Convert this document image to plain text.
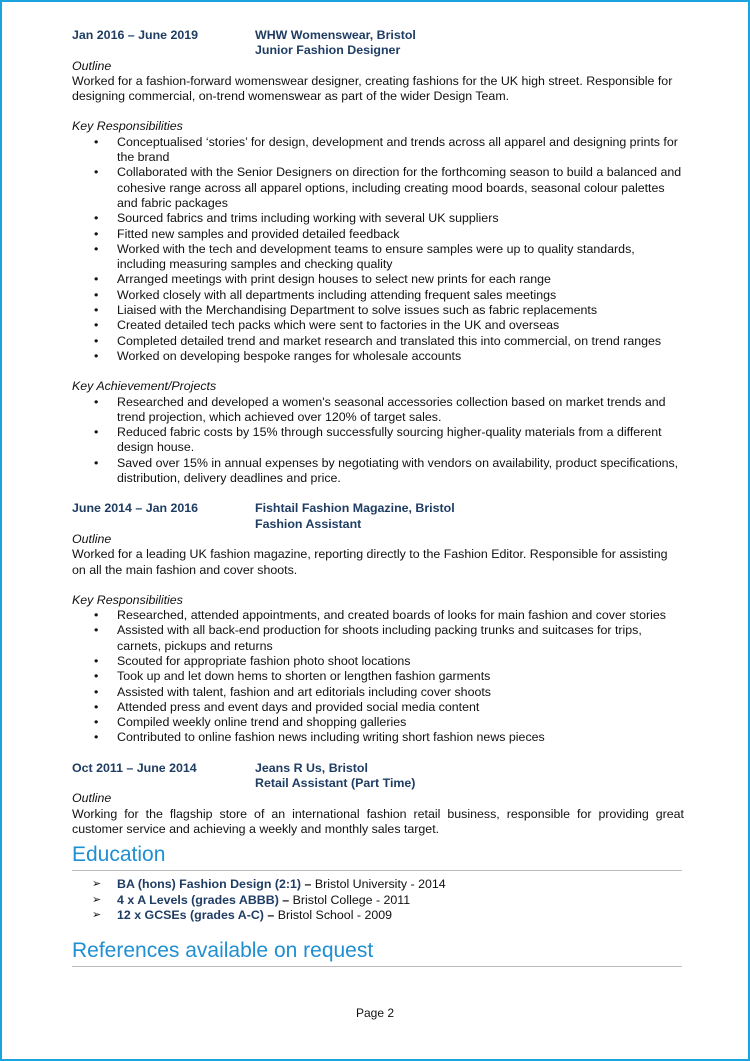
Jan 2016 – June 2019	WHW Womenswear, Bristol
Junior Fashion Designer
Outline

Worked for a fashion-forward womenswear designer, creating fashions for the UK high street. Responsible for designing commercial, on-trend womenswear as part of the wider Design Team.

Key Responsibilities
• Conceptualised ‘stories’ for design, development and trends across all apparel and designing prints for the brand
• Collaborated with the Senior Designers on direction for the forthcoming season to build a balanced and cohesive range across all apparel options, including creating mood boards, seasonal colour palettes and fabric packages
• Sourced fabrics and trims including working with several UK suppliers
• Fitted new samples and provided detailed feedback
• Worked with the tech and development teams to ensure samples were up to quality standards, including measuring samples and checking quality
• Arranged meetings with print design houses to select new prints for each range
• Worked closely with all departments including attending frequent sales meetings
• Liaised with the Merchandising Department to solve issues such as fabric replacements
• Created detailed tech packs which were sent to factories in the UK and overseas
• Completed detailed trend and market research and translated this into commercial, on trend ranges
• Worked on developing bespoke ranges for wholesale accounts
Key Achievement/Projects
• Researched and developed a women's seasonal accessories collection based on market trends and trend projection, which achieved over 120% of target sales.
• Reduced fabric costs by 15% through successfully sourcing higher-quality materials from a different design house.
• Saved over 15% in annual expenses by negotiating with vendors on availability, product specifications, distribution, delivery deadlines and price.
June 2014 – Jan 2016	Fishtail Fashion Magazine, Bristol
Fashion Assistant
Outline

Worked for a leading UK fashion magazine, reporting directly to the Fashion Editor. Responsible for assisting on all the main fashion and cover shoots.

Key Responsibilities
• Researched, attended appointments, and created boards of looks for main fashion and cover stories
• Assisted with all back-end production for shoots including packing trunks and suitcases for trips, carnets, pickups and returns
• Scouted for appropriate fashion photo shoot locations
• Took up and let down hems to shorten or lengthen fashion garments
• Assisted with talent, fashion and art editorials including cover shoots
• Attended press and event days and provided social media content
• Compiled weekly online trend and shopping galleries
• Contributed to online fashion news including writing short fashion news pieces
Oct 2011 – June 2014	Jeans R Us, Bristol
Retail Assistant (Part Time)
Outline

Working for the flagship store of an international fashion retail business, responsible for providing great customer service and achieving a weekly and monthly sales target.

Education
➢ BA (hons) Fashion Design (2:1) – Bristol University - 2014
➢ 4 x A Levels (grades ABBB) – Bristol College - 2011
➢ 12 x GCSEs (grades A-C) – Bristol School - 2009
References available on request
Page 2
